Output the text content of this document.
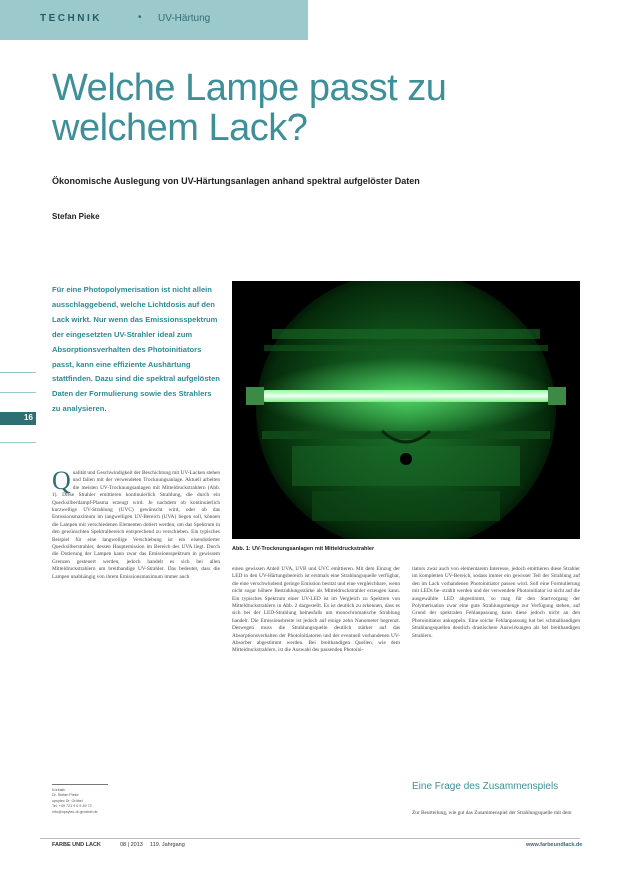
TECHNIK	• UV-Härtung
Welche Lampe passt zu
welchem Lack?
Ökonomische Auslegung von UV-Härtungsanlagen anhand spektral aufgelöster Daten
Stefan Pieke
Für eine Photopolymerisation ist nicht allein ausschlaggebend, welche Lichtdosis auf den Lack wirkt. Nur wenn das Emissionsspektrum der eingesetzten UV-Strahler ideal zum Absorptionsverhalten des Photoinitiators passt, kann eine effiziente Aushärtung stattfinden. Dazu sind die spektral aufgelösten Daten der Formulierung sowie des Strahlers zu analysieren.
16
Abb. 1: UV-Trocknungsanlagen mit Mitteldruckstrahler
Q ualität und Geschwindigkeit der Beschichtung mit UV-Lacken stehen und fallen mit der verwendeten Trocknungsanlage. Aktuell arbeiten die meisten UV-Trocknungsanlagen mit Mitteldruckstrahlern (Abb. 1). Diese Strahler emittieren kontinuierlich Strahlung, die durch ein Quecksilberdampf-Plasma erzeugt wird. Je nachdem ob kontinuierlich kurzwellige UV-Strahlung (UVC) gewünscht wird, oder ob das Emissionsmaximum im langwelligen UV-Bereich (UVA) liegen soll, können die Lampen mit verschiedenen Elementen dotiert werden, um das Spektrum in den gewünschten Spektralbereich entsprechend zu verschieben. Ein typisches Beispiel für eine langwellige Verschiebung ist ein eisendotierter Quecksilberstrahler, dessen Hauptemission im Bereich des UVA liegt. Durch die Dotierung der Lampen kann zwar das Emissionsspektrum in gewissem Grenzen gesteuert werden, jedoch handelt es sich bei allen Mitteldruckstrahlern um breitbandige UV-Strahler. Das bedeutet, dass die Lampen unabhängig von ihrem Emissionsmaximum immer auch
einen gewissen Anteil UVA, UVB und UVC emittieren. Mit dem Einzug der LED in den UV-Härtungsbereich ist erstmals eine Strahlungsquelle verfügbar, die eine verschwindend geringe Emission besitzt und eine vergleichbare, wenn nicht sogar höhere Bestrahlungsstärke als Mitteldruckstrahler erzeugen kann. Ein typisches Spektrum einer UV-LED ist im Vergleich zu Spektren von Mitteldruckstrahlern in Abb. 2 dargestellt. Es ist deutlich zu erkennen, dass es sich bei der LED-Strahlung keinesfalls um monochromatische Strahlung handelt. Die Emissionsbreite ist jedoch auf einige zehn Nanometer begrenzt. Deswegen muss die Strahlungsquelle deutlich stärker auf das Absorptionsverhalten der Photoinitiatoren und der eventuell vorhandenen UV-Absorber abgestimmt werden. Bei breitbandigen Quellen, wie dem Mitteldruckstrahlern, ist die Auswahl des passenden Photoini-
tiators zwar auch von elementarem Interesse, jedoch emittieren diese Strahler im kompletten UV-Bereich, sodass immer ein gewisser Teil der Strahlung auf den im Lack vorhandenen Photoinitiator passen wird. Soll eine Formulierung mit LEDs be- strahlt werden und der verwendete Photoinitiator ist nicht auf die ausgewählte LED abgestimmt, so mag für den Startvorgang der Polymerisation zwar eine gute Strahlungsmenge zur Verfügung stehen, auf Grund der spektralen Fehlanpassung kann diese jedoch nicht an den Photoinitiator ankoppeln. Eine solche Fehlanpassung hat bei schmalbandigen Strahlungsquellen deutlich drastischere Auswirkungen als bei breitbandigen Strahlern.
Eine Frage des Zusammenspiels
Zur Beurteilung, wie gut das Zusammenspiel der Strahlungsquelle mit dem
Kontakt:
Dr. Stefan Pieke
opsytec Dr. Gröbel
Tel. +49 721 9 0 9 49 72
info@opsytec-dr-groebel.de
FARBE UND LACK	08 | 2013 119. Jahrgang	www.farbeundlack.de
